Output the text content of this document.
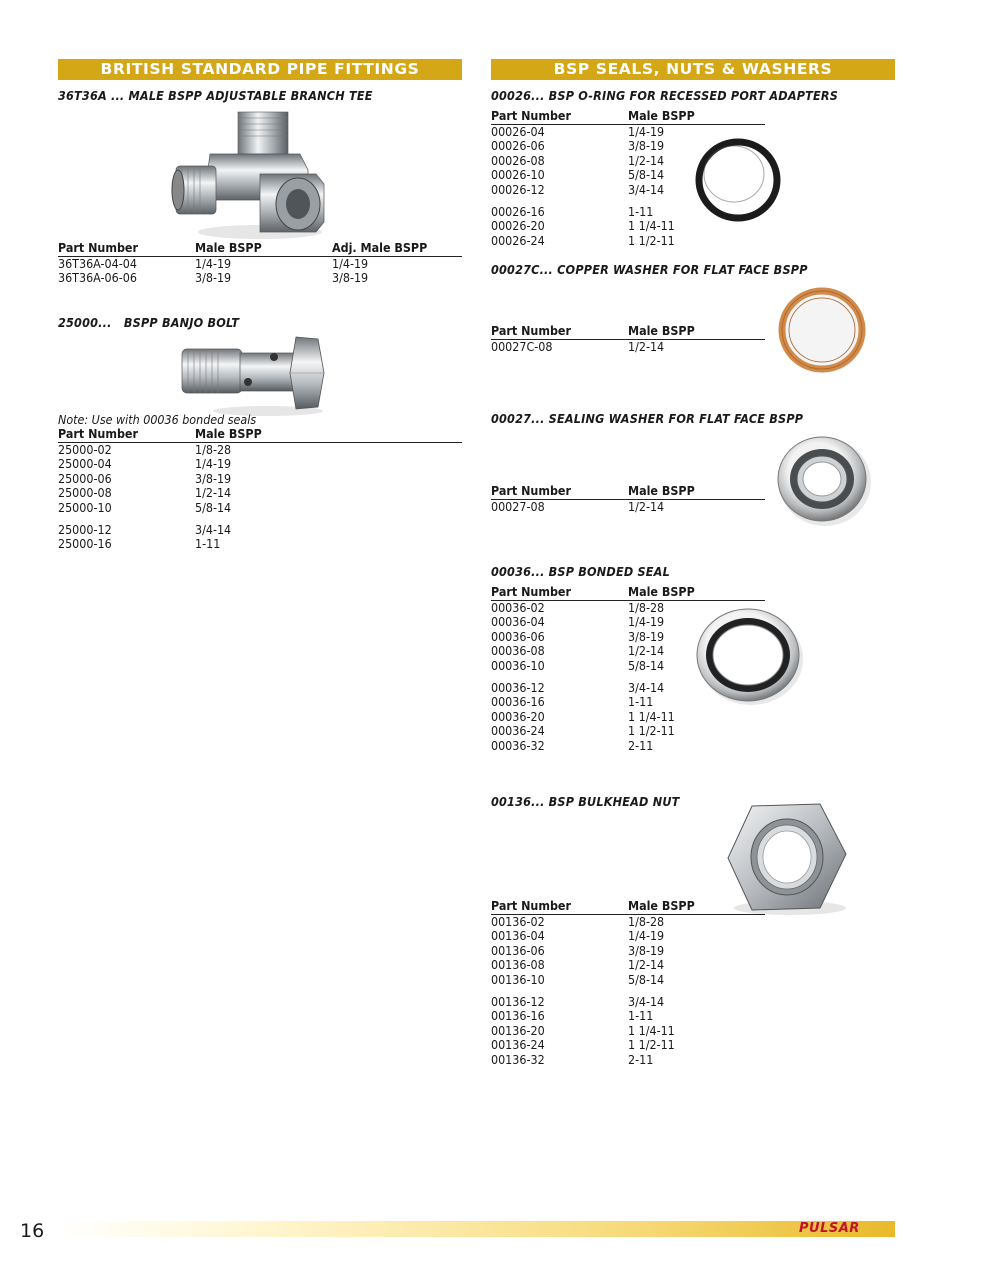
BRITISH STANDARD PIPE FITTINGS
36T36A ... MALE BSPP ADJUSTABLE BRANCH TEE
Part Number	Male BSPP	Adj. Male BSPP
36T36A-04-04	1/4-19	1/4-19
36T36A-06-06	3/8-19	3/8-19
25000...   BSPP BANJO BOLT
Note: Use with 00036 bonded seals
Part Number	Male BSPP
25000-02	1/8-28
25000-04	1/4-19
25000-06	3/8-19
25000-08	1/2-14
25000-10	5/8-14
25000-12	3/4-14
25000-16	1-11
BSP SEALS, NUTS & WASHERS
00026... BSP O-RING FOR RECESSED PORT ADAPTERS
Part Number	Male BSPP
00026-04	1/4-19
00026-06	3/8-19
00026-08	1/2-14
00026-10	5/8-14
00026-12	3/4-14
00026-16	1-11
00026-20	1 1/4-11
00026-24	1 1/2-11
00027C... COPPER WASHER FOR FLAT FACE BSPP
Part Number	Male BSPP
00027C-08	1/2-14
00027... SEALING WASHER FOR FLAT FACE BSPP
Part Number	Male BSPP
00027-08	1/2-14
00036... BSP BONDED SEAL
Part Number	Male BSPP
00036-02	1/8-28
00036-04	1/4-19
00036-06	3/8-19
00036-08	1/2-14
00036-10	5/8-14
00036-12	3/4-14
00036-16	1-11
00036-20	1 1/4-11
00036-24	1 1/2-11
00036-32	2-11
00136... BSP BULKHEAD NUT
Part Number	Male BSPP
00136-02	1/8-28
00136-04	1/4-19
00136-06	3/8-19
00136-08	1/2-14
00136-10	5/8-14
00136-12	3/4-14
00136-16	1-11
00136-20	1 1/4-11
00136-24	1 1/2-11
00136-32	2-11
16	PULSAR
